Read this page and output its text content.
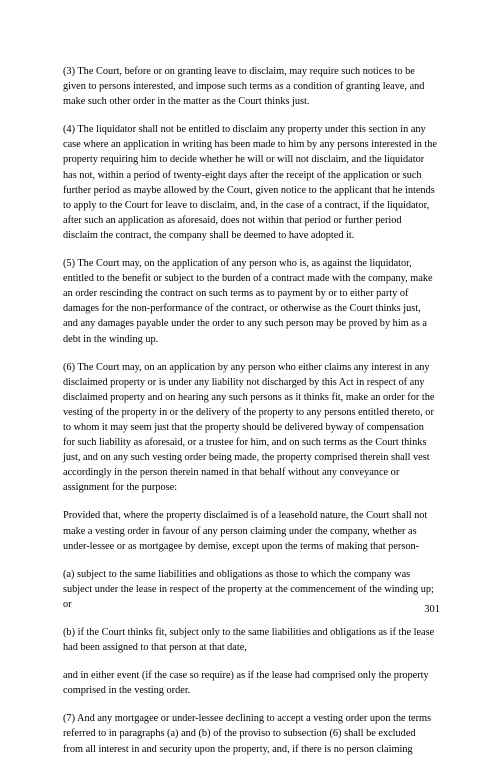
(3) The Court, before or on granting leave to disclaim, may require such notices to be given to persons interested, and impose such terms as a condition of granting leave, and make such other order in the matter as the Court thinks just.

(4) The liquidator shall not be entitled to disclaim any property under this section in any case where an application in writing has been made to him by any persons interested in the property requiring him to decide whether he will or will not disclaim, and the liquidator has not, within a period of twenty-eight days after the receipt of the application or such further period as maybe allowed by the Court, given notice to the applicant that he intends to apply to the Court for leave to disclaim, and, in the case of a contract, if the liquidator, after such an application as aforesaid, does not within that period or further period disclaim the contract, the company shall be deemed to have adopted it.

(5) The Court may, on the application of any person who is, as against the liquidator, entitled to the benefit or subject to the burden of a contract made with the company, make an order rescinding the contract on such terms as to payment by or to either party of damages for the non-performance of the contract, or otherwise as the Court thinks just, and any damages payable under the order to any such person may be proved by him as a debt in the winding up.

(6) The Court may, on an application by any person who either claims any interest in any disclaimed property or is under any liability not discharged by this Act in respect of any disclaimed property and on hearing any such persons as it thinks fit, make an order for the vesting of the property in or the delivery of the property to any persons entitled thereto, or to whom it may seem just that the property should be delivered byway of compensation for such liability as aforesaid, or a trustee for him, and on such terms as the Court thinks just, and on any such vesting order being made, the property comprised therein shall vest accordingly in the person therein named in that behalf without any conveyance or assignment for the purpose:

Provided that, where the property disclaimed is of a leasehold nature, the Court shall not make a vesting order in favour of any person claiming under the company, whether as under-lessee or as mortgagee by demise, except upon the terms of making that person-

(a) subject to the same liabilities and obligations as those to which the company was subject under the lease in respect of the property at the commencement of the winding up; or

(b) if the Court thinks fit, subject only to the same liabilities and obligations as if the lease had been assigned to that person at that date,

and in either event (if the case so require) as if the lease had comprised only the property comprised in the vesting order.

(7) And any mortgagee or under-lessee declining to accept a vesting order upon the terms referred to in paragraphs (a) and (b) of the proviso to subsection (6) shall be excluded from all interest in and security upon the property, and, if there is no person claiming

301
